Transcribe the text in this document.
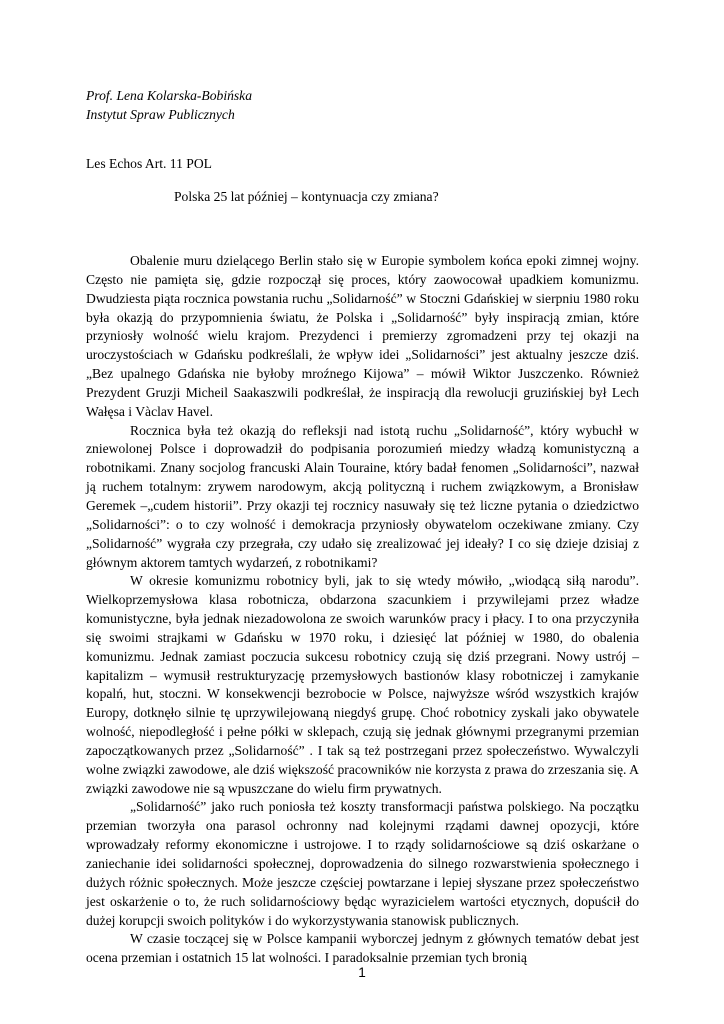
Prof. Lena Kolarska-Bobińska
Instytut Spraw Publicznych
Les Echos Art. 11 POL
Polska 25 lat później – kontynuacja czy zmiana?

Obalenie muru dzielącego Berlin stało się w Europie symbolem końca epoki zimnej wojny. Często nie pamięta się, gdzie rozpoczął się proces, który zaowocował upadkiem komunizmu. Dwudziesta piąta rocznica powstania ruchu „Solidarność” w Stoczni Gdańskiej w sierpniu 1980 roku była okazją do przypomnienia światu, że Polska i „Solidarność” były inspiracją zmian, które przyniosły wolność wielu krajom. Prezydenci i premierzy zgromadzeni przy tej okazji na uroczystościach w Gdańsku podkreślali, że wpływ idei „Solidarności” jest aktualny jeszcze dziś. „Bez upalnego Gdańska nie byłoby mroźnego Kijowa” – mówił Wiktor Juszczenko. Również Prezydent Gruzji Micheil Saakaszwili podkreślał, że inspiracją dla rewolucji gruzińskiej był Lech Wałęsa i Vàclav Havel.

Rocznica była też okazją do refleksji nad istotą ruchu „Solidarność”, który wybuchł w zniewolonej Polsce i doprowadził do podpisania porozumień miedzy władzą komunistyczną a robotnikami. Znany socjolog francuski Alain Touraine, który badał fenomen „Solidarności”, nazwał ją ruchem totalnym: zrywem narodowym, akcją polityczną i ruchem związkowym, a Bronisław Geremek –„cudem historii”. Przy okazji tej rocznicy nasuwały się też liczne pytania o dziedzictwo „Solidarności”: o to czy wolność i demokracja przyniosły obywatelom oczekiwane zmiany. Czy „Solidarność” wygrała czy przegrała, czy udało się zrealizować jej ideały? I co się dzieje dzisiaj z głównym aktorem tamtych wydarzeń, z robotnikami?

W okresie komunizmu robotnicy byli, jak to się wtedy mówiło, „wiodącą siłą narodu”. Wielkoprzemysłowa klasa robotnicza, obdarzona szacunkiem i przywilejami przez władze komunistyczne, była jednak niezadowolona ze swoich warunków pracy i płacy. I to ona przyczyniła się swoimi strajkami w Gdańsku w 1970 roku, i dziesięć lat później w 1980, do obalenia komunizmu. Jednak zamiast poczucia sukcesu robotnicy czują się dziś przegrani. Nowy ustrój – kapitalizm – wymusił restrukturyzację przemysłowych bastionów klasy robotniczej i zamykanie kopalń, hut, stoczni. W konsekwencji bezrobocie w Polsce, najwyższe wśród wszystkich krajów Europy, dotknęło silnie tę uprzywilejowaną niegdyś grupę. Choć robotnicy zyskali jako obywatele wolność, niepodległość i pełne półki w sklepach, czują się jednak głównymi przegranymi przemian zapoczątkowanych przez „Solidarność” . I tak są też postrzegani przez społeczeństwo. Wywalczyli wolne związki zawodowe, ale dziś większość pracowników nie korzysta z prawa do zrzeszania się. A związki zawodowe nie są wpuszczane do wielu firm prywatnych.

„Solidarność” jako ruch poniosła też koszty transformacji państwa polskiego. Na początku przemian tworzyła ona parasol ochronny nad kolejnymi rządami dawnej opozycji, które wprowadzały reformy ekonomiczne i ustrojowe. I to rządy solidarnościowe są dziś oskarżane o zaniechanie idei solidarności społecznej, doprowadzenia do silnego rozwarstwienia społecznego i dużych różnic społecznych. Może jeszcze częściej powtarzane i lepiej słyszane przez społeczeństwo jest oskarżenie o to, że ruch solidarnościowy będąc wyrazicielem wartości etycznych, dopuścił do dużej korupcji swoich polityków i do wykorzystywania stanowisk publicznych.

W czasie toczącej się w Polsce kampanii wyborczej jednym z głównych tematów debat jest ocena przemian i ostatnich 15 lat wolności. I paradoksalnie przemian tych bronią

1
